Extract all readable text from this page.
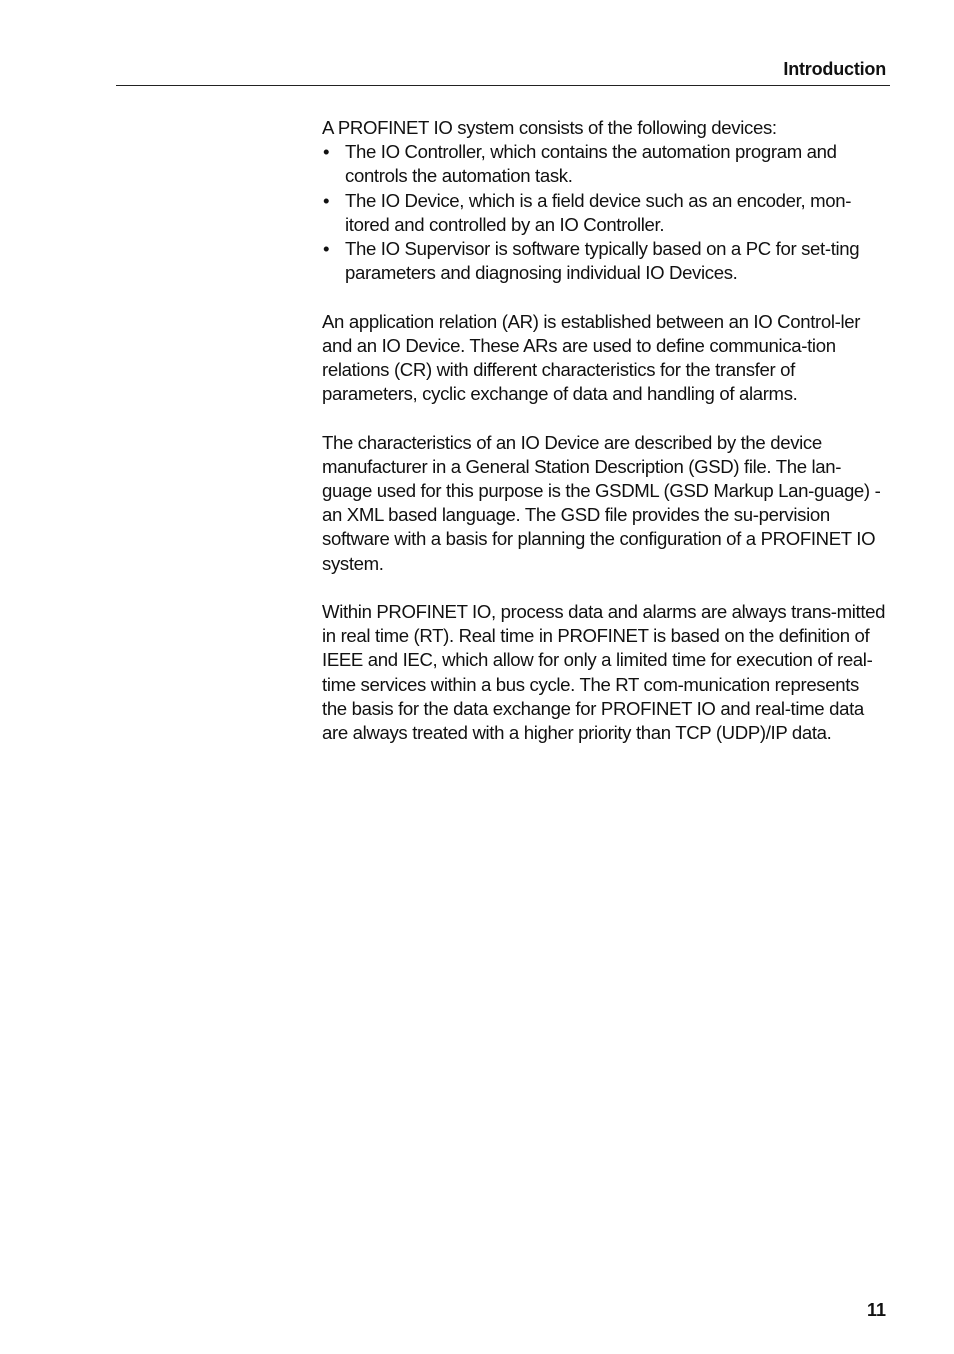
Introduction

A PROFINET IO system consists of the following devices:

• The IO Controller, which contains the automation program and controls the automation task.
• The IO Device, which is a field device such as an encoder, mon-itored and controlled by an IO Controller.
• The IO Supervisor is software typically based on a PC for set-ting parameters and diagnosing individual IO Devices.

An application relation (AR) is established between an IO Control-ler and an IO Device. These ARs are used to define communica-tion relations (CR) with different characteristics for the transfer of parameters, cyclic exchange of data and handling of alarms.

The characteristics of an IO Device are described by the device manufacturer in a General Station Description (GSD) file. The lan-guage used for this purpose is the GSDML (GSD Markup Lan-guage) - an XML based language. The GSD file provides the su-pervision software with a basis for planning the configuration of a PROFINET IO system.

Within PROFINET IO, process data and alarms are always trans-mitted in real time (RT). Real time in PROFINET is based on the definition of IEEE and IEC, which allow for only a limited time for execution of real-time services within a bus cycle. The RT com-munication represents the basis for the data exchange for PROFINET IO and real-time data are always treated with a higher priority than TCP (UDP)/IP data.

11
